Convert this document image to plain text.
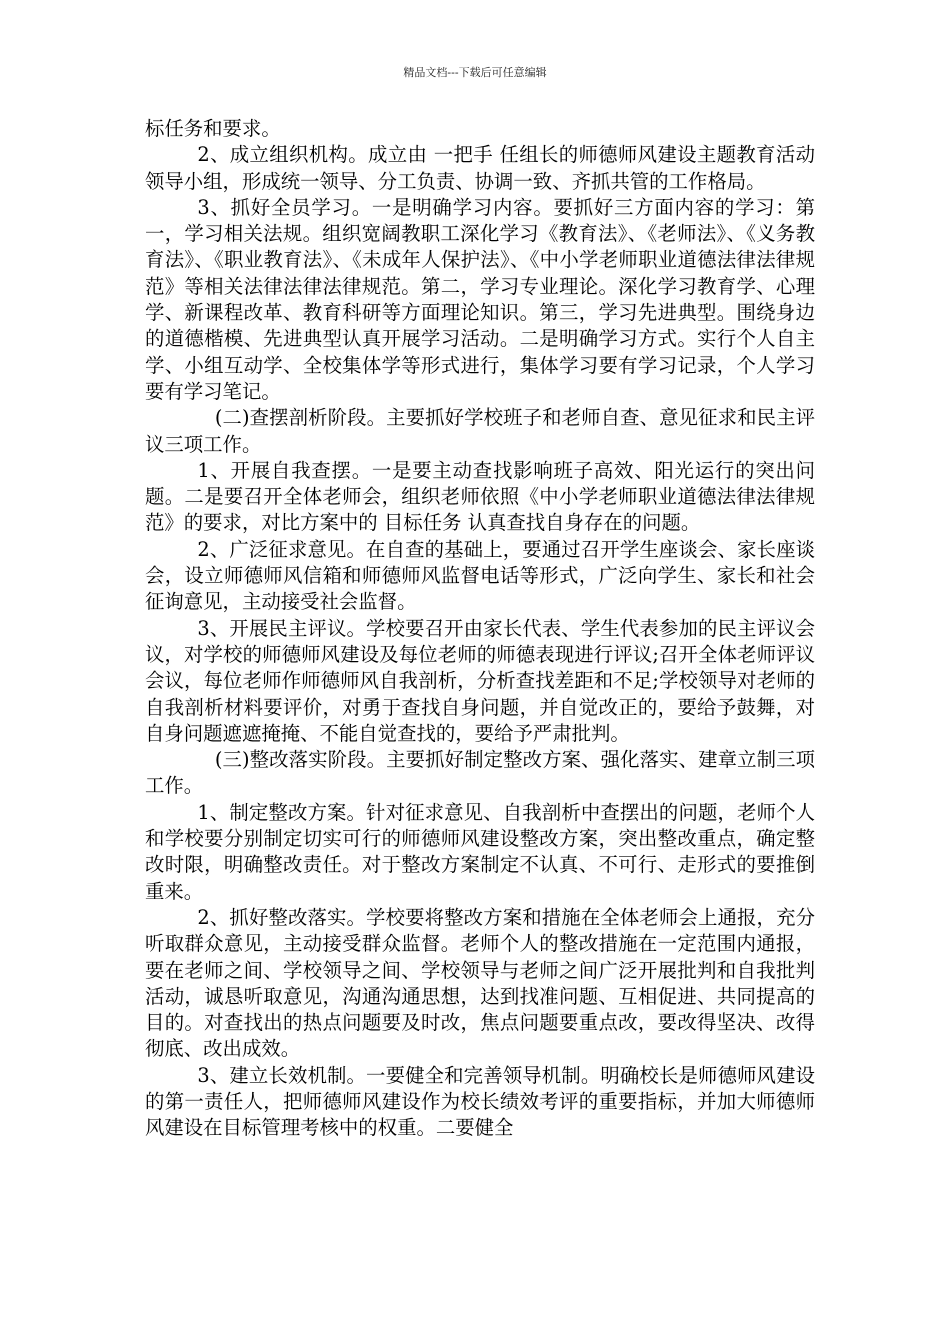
精品文档---下载后可任意编辑

标任务和要求。

2、成立组织机构。成立由 一把手 任组长的师德师风建设主题教育活动领导小组，形成统一领导、分工负责、协调一致、齐抓共管的工作格局。

3、抓好全员学习。一是明确学习内容。要抓好三方面内容的学习：第一，学习相关法规。组织宽阔教职工深化学习《教育法》、《老师法》、《义务教育法》、《职业教育法》、《未成年人保护法》、《中小学老师职业道德法律法律规范》等相关法律法律法律规范。第二，学习专业理论。深化学习教育学、心理学、新课程改革、教育科研等方面理论知识。第三，学习先进典型。围绕身边的道德楷模、先进典型认真开展学习活动。二是明确学习方式。实行个人自主学、小组互动学、全校集体学等形式进行，集体学习要有学习记录，个人学习要有学习笔记。

(二)查摆剖析阶段。主要抓好学校班子和老师自查、意见征求和民主评议三项工作。

1、开展自我查摆。一是要主动查找影响班子高效、阳光运行的突出问题。二是要召开全体老师会，组织老师依照《中小学老师职业道德法律法律规范》的要求，对比方案中的 目标任务 认真查找自身存在的问题。

2、广泛征求意见。在自查的基础上，要通过召开学生座谈会、家长座谈会，设立师德师风信箱和师德师风监督电话等形式，广泛向学生、家长和社会征询意见，主动接受社会监督。

3、开展民主评议。学校要召开由家长代表、学生代表参加的民主评议会议，对学校的师德师风建设及每位老师的师德表现进行评议;召开全体老师评议会议，每位老师作师德师风自我剖析，分析查找差距和不足;学校领导对老师的自我剖析材料要评价，对勇于查找自身问题，并自觉改正的，要给予鼓舞，对自身问题遮遮掩掩、不能自觉查找的，要给予严肃批判。

(三)整改落实阶段。主要抓好制定整改方案、强化落实、建章立制三项工作。

1、制定整改方案。针对征求意见、自我剖析中查摆出的问题，老师个人和学校要分别制定切实可行的师德师风建设整改方案，突出整改重点，确定整改时限，明确整改责任。对于整改方案制定不认真、不可行、走形式的要推倒重来。

2、抓好整改落实。学校要将整改方案和措施在全体老师会上通报，充分听取群众意见，主动接受群众监督。老师个人的整改措施在一定范围内通报，要在老师之间、学校领导之间、学校领导与老师之间广泛开展批判和自我批判活动，诚恳听取意见，沟通沟通思想，达到找准问题、互相促进、共同提高的目的。对查找出的热点问题要及时改，焦点问题要重点改，要改得坚决、改得彻底、改出成效。

3、建立长效机制。一要健全和完善领导机制。明确校长是师德师风建设的第一责任人，把师德师风建设作为校长绩效考评的重要指标，并加大师德师风建设在目标管理考核中的权重。二要健全
